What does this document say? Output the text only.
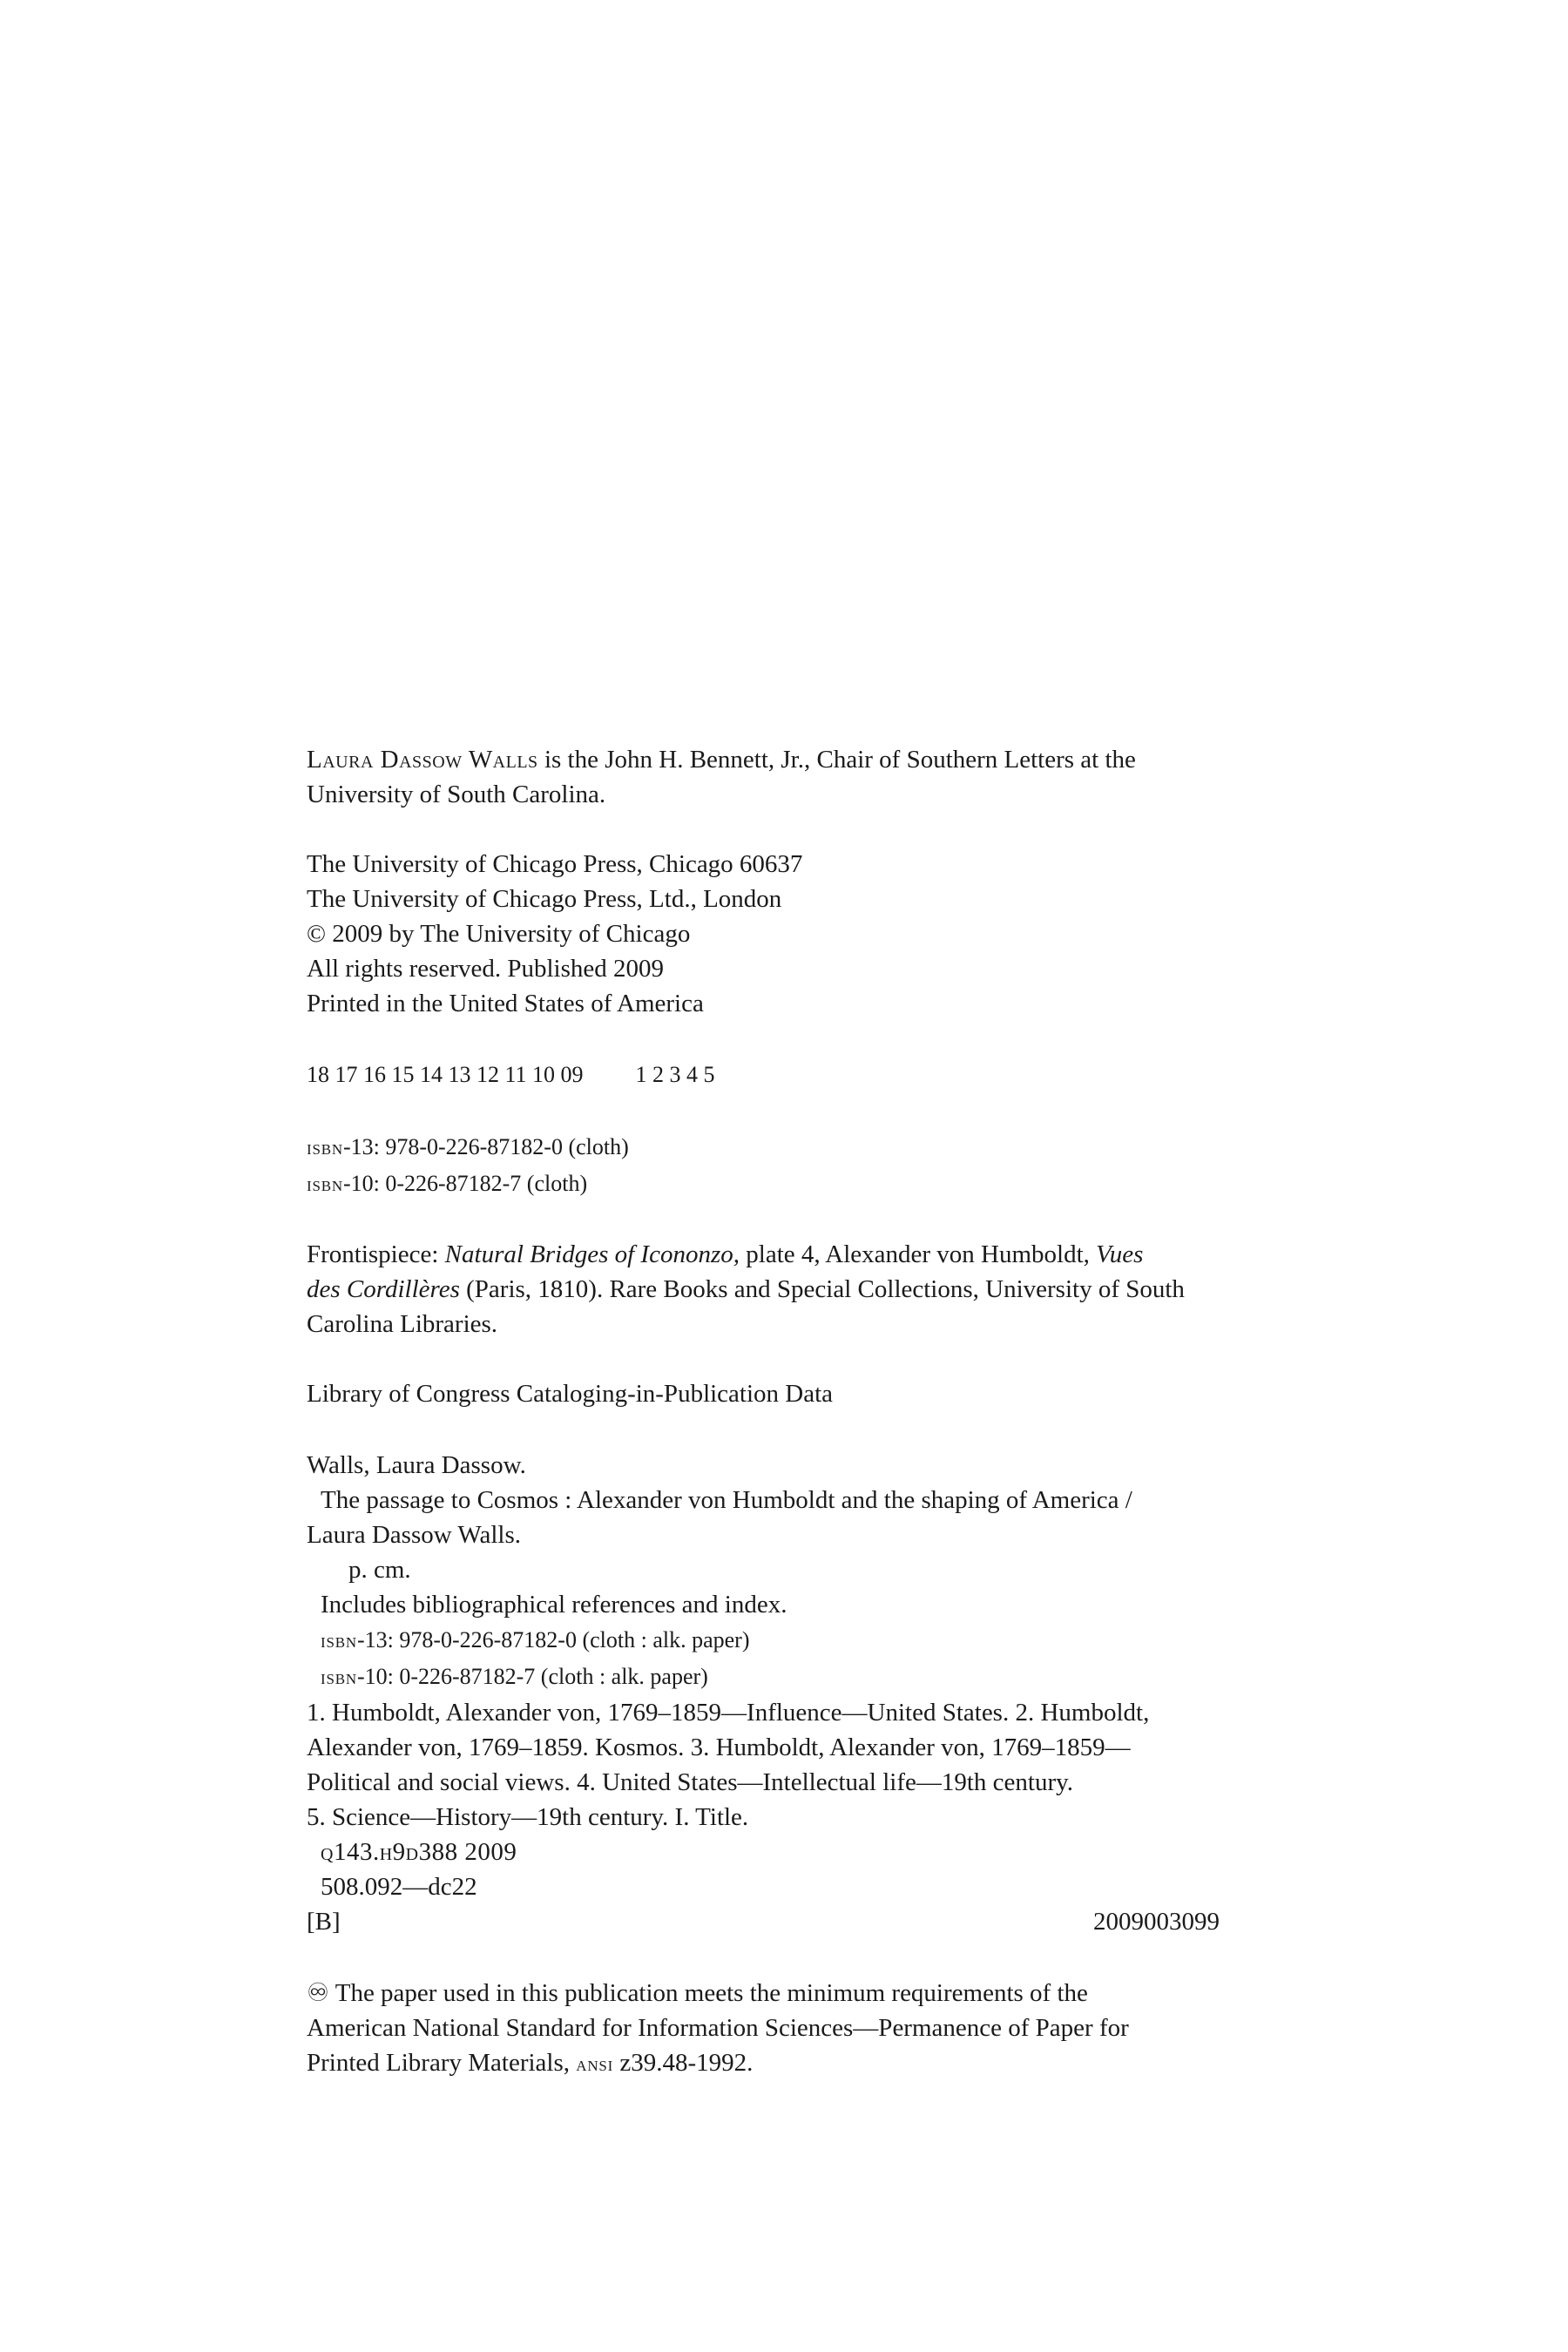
Laura Dassow Walls is the John H. Bennett, Jr., Chair of Southern Letters at the
University of South Carolina.

The University of Chicago Press, Chicago 60637
The University of Chicago Press, Ltd., London
© 2009 by The University of Chicago
All rights reserved. Published 2009
Printed in the United States of America
18 17 16 15 14 13 12 11 10 09 1 2 3 4 5
isbn-13: 978-0-226-87182-0 (cloth)
isbn-10: 0-226-87182-7 (cloth)
Frontispiece: Natural Bridges of Icononzo, plate 4, Alexander von Humboldt, Vues
des Cordillères (Paris, 1810). Rare Books and Special Collections, University of South
Carolina Libraries.
Library of Congress Cataloging-in-Publication Data
Walls, Laura Dassow.
The passage to Cosmos : Alexander von Humboldt and the shaping of America /
Laura Dassow Walls.
p. cm.
Includes bibliographical references and index.
isbn-13: 978-0-226-87182-0 (cloth : alk. paper)
isbn-10: 0-226-87182-7 (cloth : alk. paper)
1. Humboldt, Alexander von, 1769–1859—Influence—United States. 2. Humboldt,
Alexander von, 1769–1859. Kosmos. 3. Humboldt, Alexander von, 1769–1859—
Political and social views. 4. United States—Intellectual life—19th century.
5. Science—History—19th century. I. Title.
q143.h9d388 2009
508.092—dc22
[B]	2009003099
♾ The paper used in this publication meets the minimum requirements of the
American National Standard for Information Sciences—Permanence of Paper for
Printed Library Materials, ansi z39.48-1992.
